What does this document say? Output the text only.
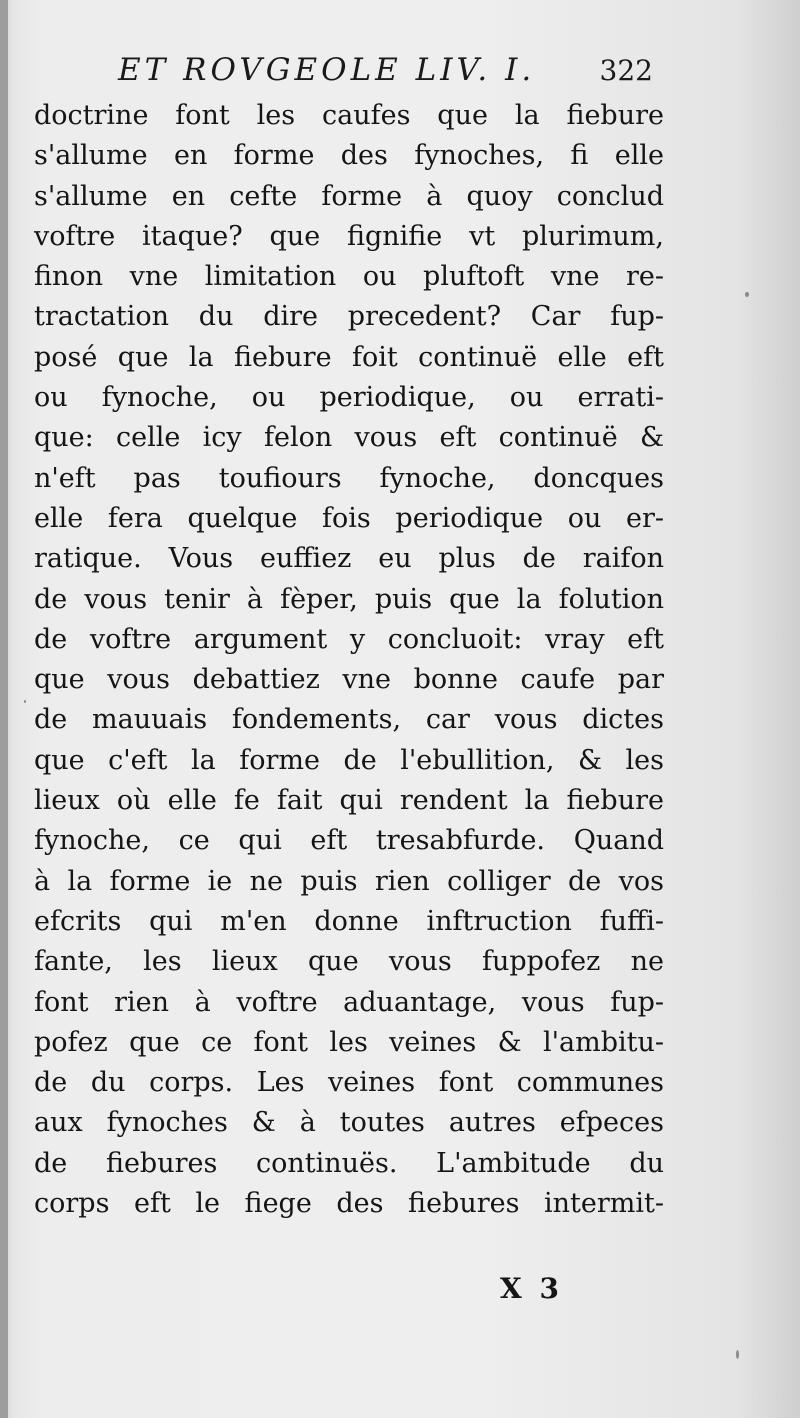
ET ROVGEOLE LIV. I. 322
doctrine font les caufes que la fiebure
s'allume en forme des fynoches, fi elle
s'allume en cefte forme à quoy conclud
voftre itaque? que fignifie vt plurimum,
finon vne limitation ou pluftoft vne re-
tractation du dire precedent? Car fup-
posé que la fiebure foit continuë elle eft
ou fynoche, ou periodique, ou errati-
que: celle icy felon vous eft continuë &
n'eft pas toufiours fynoche, doncques
elle fera quelque fois periodique ou er-
ratique. Vous euffiez eu plus de raifon
de vous tenir à fèper, puis que la folution
de voftre argument y concluoit: vray eft
que vous debattiez vne bonne caufe par
de mauuais fondements, car vous dictes
que c'eft la forme de l'ebullition, & les
lieux où elle fe fait qui rendent la fiebure
fynoche, ce qui eft tresabfurde. Quand
à la forme ie ne puis rien colliger de vos
efcrits qui m'en donne inftruction fuffi-
fante, les lieux que vous fuppofez ne
font rien à voftre aduantage, vous fup-
pofez que ce font les veines & l'ambitu-
de du corps. Les veines font communes
aux fynoches & à toutes autres efpeces
de fiebures continuës. L'ambitude du
corps eft le fiege des fiebures intermit-
X 3
